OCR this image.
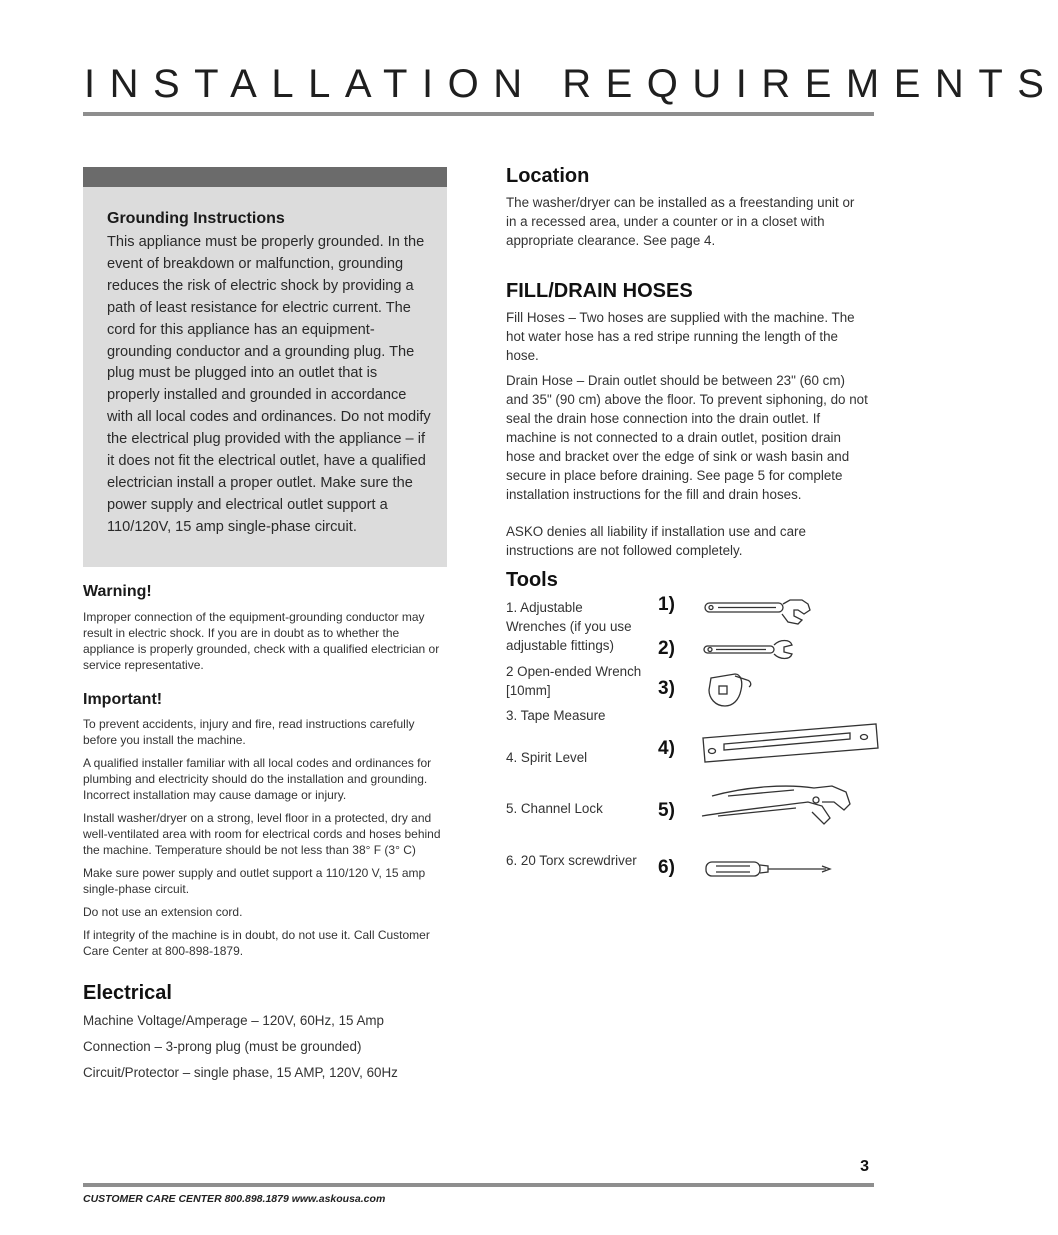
INSTALLATION REQUIREMENTS
Grounding Instructions
This appliance must be properly grounded. In the event of breakdown or malfunction, grounding reduces the risk of electric shock by providing a path of least resistance for electric current. The cord for this appliance has an equipment-grounding conductor and a grounding plug. The plug must be plugged into an outlet that is properly installed and grounded in accordance with all local codes and ordinances. Do not modify the electrical plug provided with the appliance – if it does not fit the electrical outlet, have a qualified electrician install a proper outlet. Make sure the power supply and electrical outlet support a 110/120V, 15 amp single-phase circuit.
Warning!
Improper connection of the equipment-grounding conductor may result in electric shock. If you are in doubt as to whether the appliance is properly grounded, check with a qualified electrician or service representative.
Important!

To prevent accidents, injury and fire, read instructions carefully before you install the machine.

A qualified installer familiar with all local codes and ordinances for plumbing and electricity should do the installation and grounding. Incorrect installation may cause damage or injury.

Install washer/dryer on a strong, level floor in a protected, dry and well-ventilated area with room for electrical cords and hoses behind the machine. Temperature should be not less than 38° F (3° C)

Make sure power supply and outlet support a 110/120 V, 15 amp single-phase circuit.

Do not use an extension cord.

If integrity of the machine is in doubt, do not use it. Call Customer Care Center at 800-898-1879.

Electrical

Machine Voltage/Amperage – 120V, 60Hz, 15 Amp

Connection – 3-prong plug (must be grounded)

Circuit/Protector – single phase, 15 AMP, 120V, 60Hz

Location
The washer/dryer can be installed as a freestanding unit or in a recessed area, under a counter or in a closet with appropriate clearance. See page 4.
FILL/DRAIN HOSES

Fill Hoses – Two hoses are supplied with the machine. The hot water hose has a red stripe running the length of the hose.

Drain Hose – Drain outlet should be between 23" (60 cm) and 35" (90 cm) above the floor. To prevent siphoning, do not seal the drain hose connection into the drain outlet. If machine is not connected to a drain outlet, position drain hose and bracket over the edge of sink or wash basin and secure in place before draining. See page 5 for complete installation instructions for the fill and drain hoses.

ASKO denies all liability if installation use and care instructions are not followed completely.

Tools
1. Adjustable Wrenches (if you use adjustable fittings)
2 Open-ended Wrench [10mm]
3. Tape Measure
4. Spirit Level
5. Channel Lock
6. 20 Torx screwdriver
1)
2)
3)
4)
5)
6)
3
CUSTOMER CARE CENTER 800.898.1879 www.askousa.com
